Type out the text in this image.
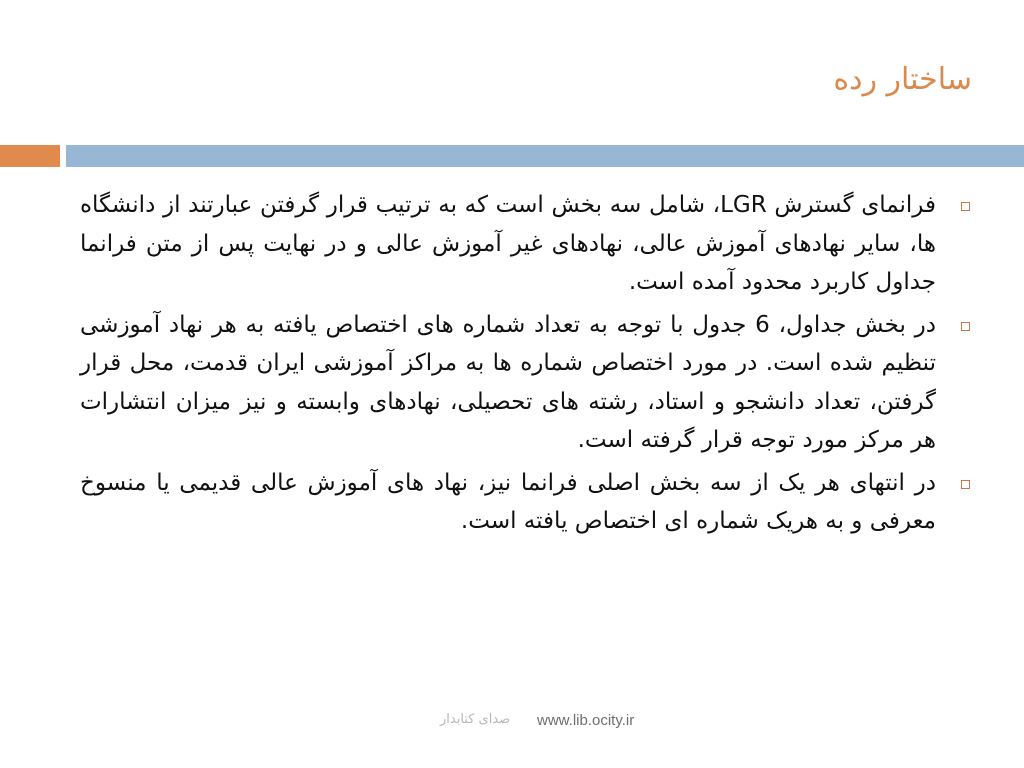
ساختار رده
فرانمای گسترش LGR، شامل سه بخش است که به ترتیب قرار گرفتن عبارتند از دانشگاه ها، سایر نهادهای آموزش عالی، نهادهای غیر آموزش عالی و در نهایت پس از متن فرانما جداول کاربرد محدود آمده است.
در بخش جداول، 6 جدول با توجه به تعداد شماره های اختصاص یافته به هر نهاد آموزشی تنظیم شده است. در مورد اختصاص شماره ها به مراکز آموزشی ایران قدمت، محل قرار گرفتن، تعداد دانشجو و استاد، رشته های تحصیلی، نهادهای وابسته و نیز میزان انتشارات هر مرکز مورد توجه قرار گرفته است.
در انتهای هر یک از سه بخش اصلی فرانما نیز، نهاد های آموزش عالی قدیمی یا منسوخ معرفی و به هریک شماره ای اختصاص یافته است.
صدای کتابدار www.lib.ocity.ir
